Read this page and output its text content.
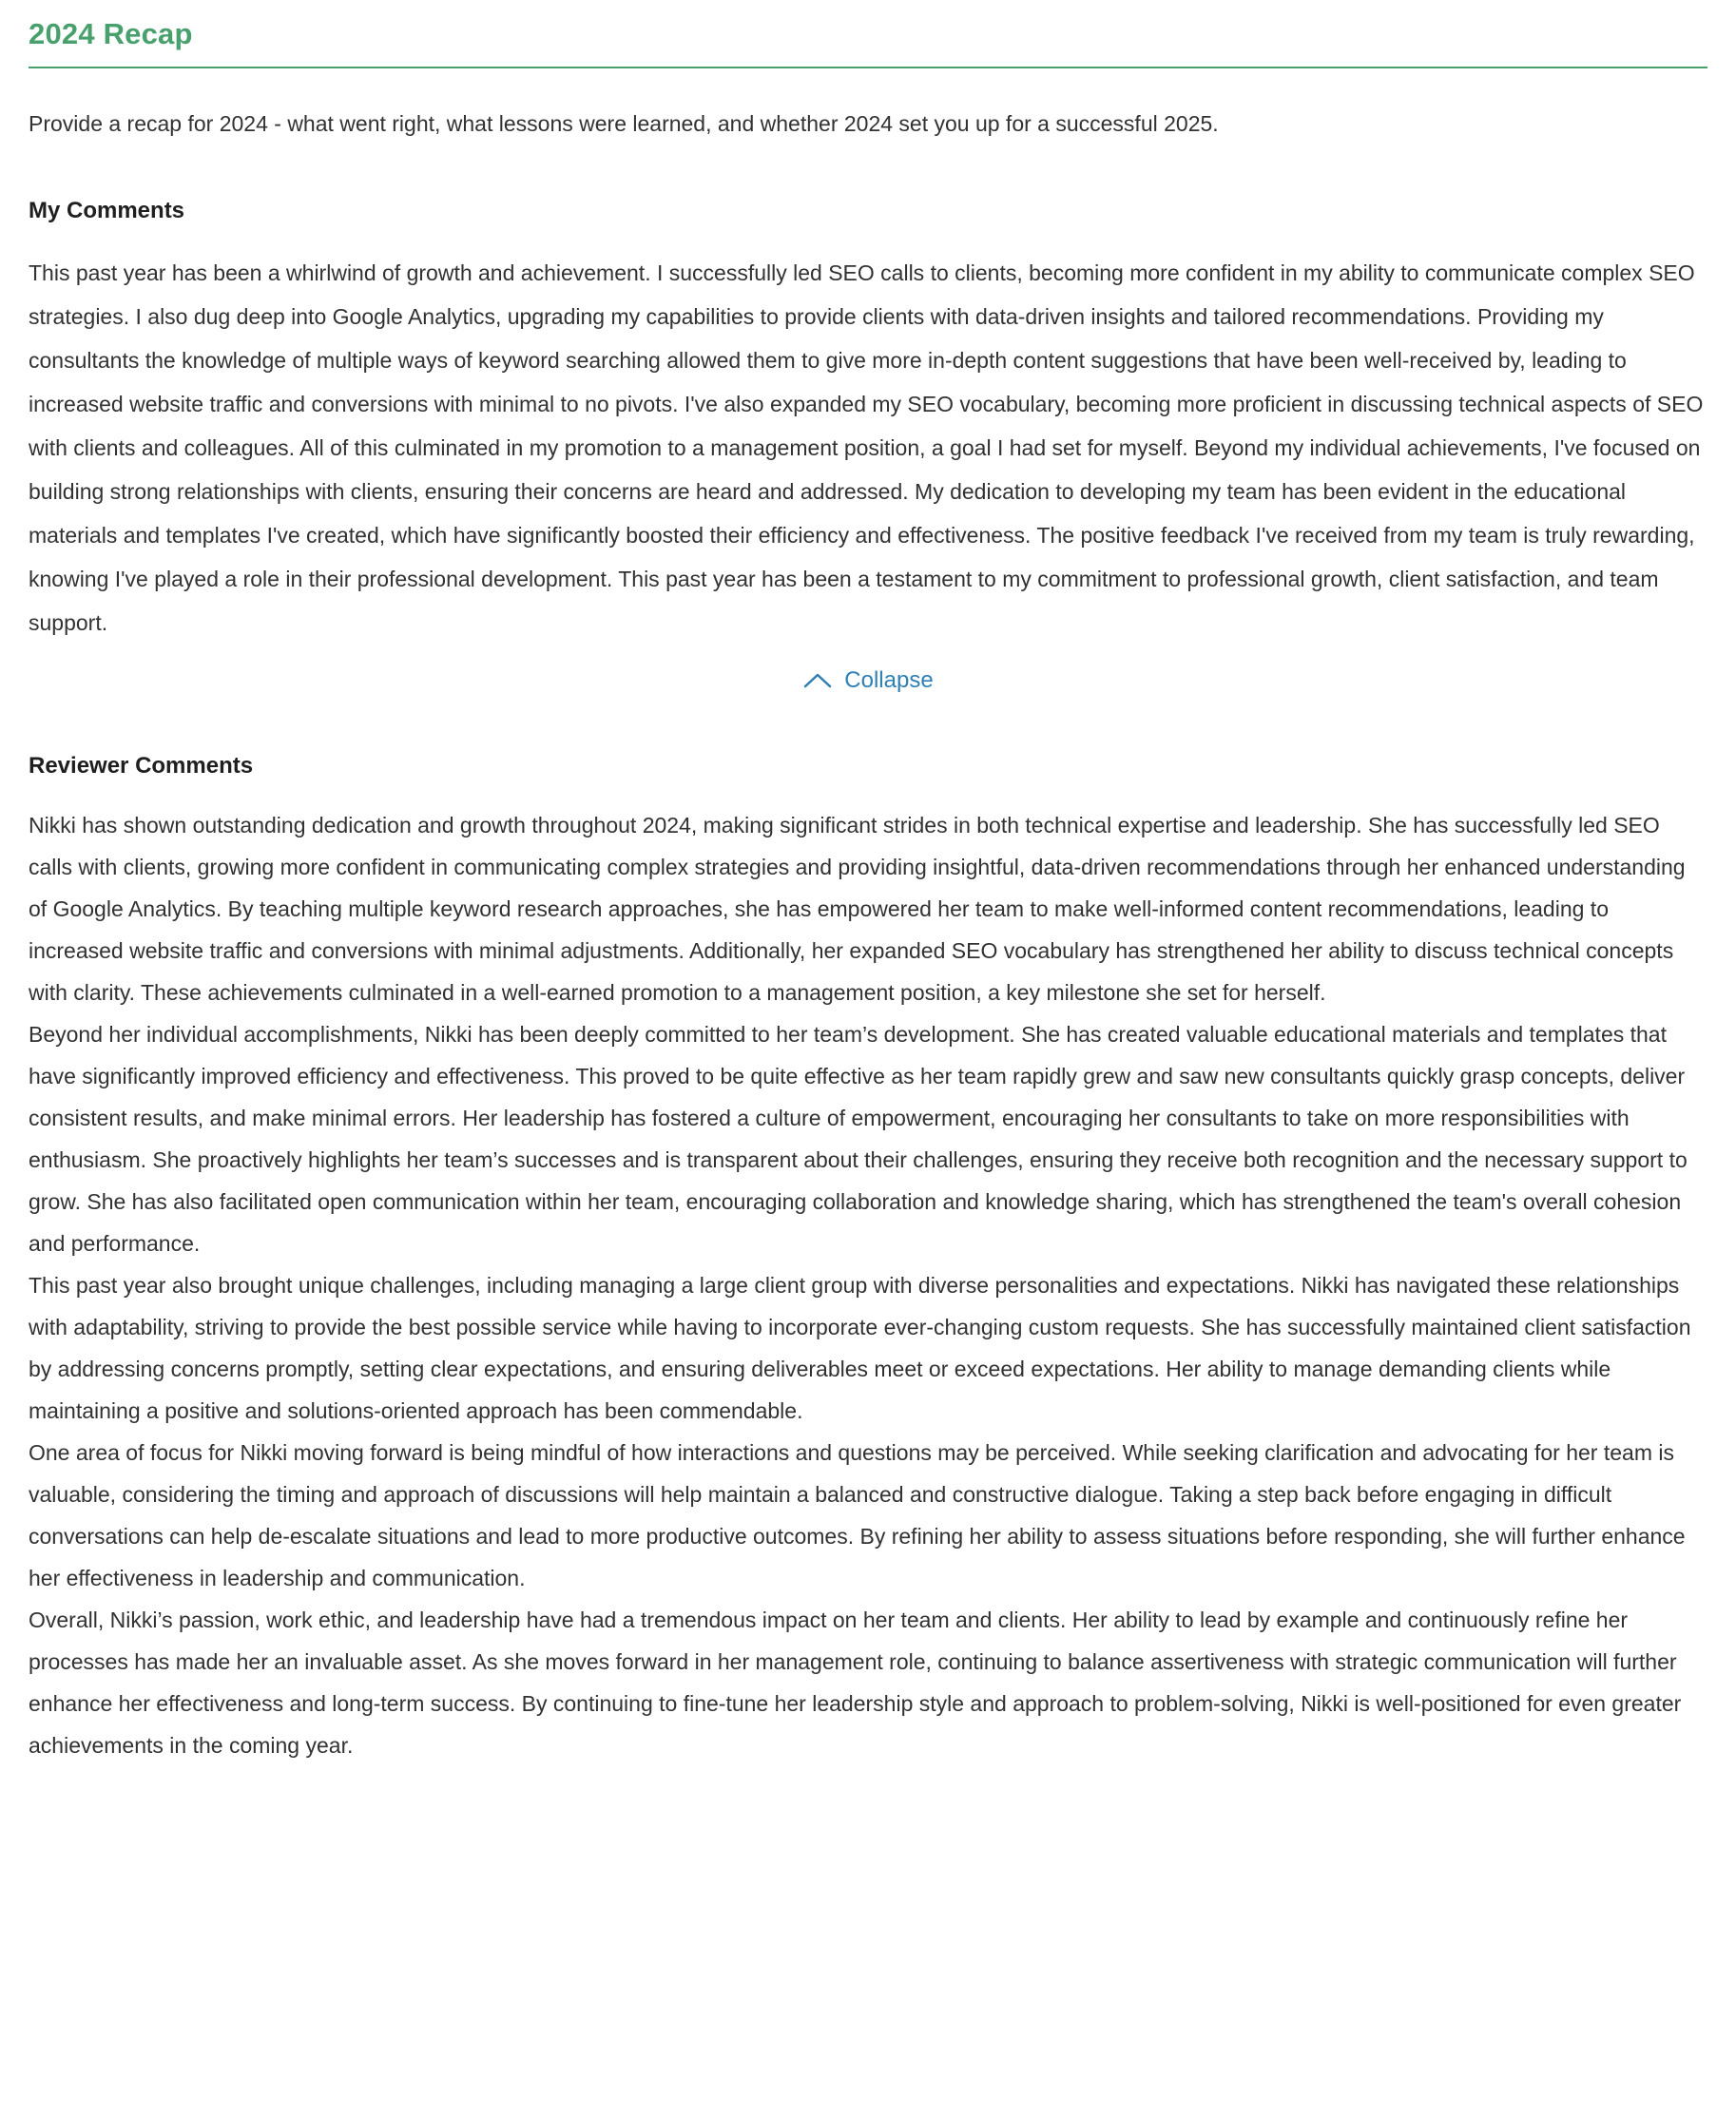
2024 Recap

Provide a recap for 2024 - what went right, what lessons were learned, and whether 2024 set you up for a successful 2025.

My Comments

This past year has been a whirlwind of growth and achievement. I successfully led SEO calls to clients, becoming more confident in my ability to communicate complex SEO strategies. I also dug deep into Google Analytics, upgrading my capabilities to provide clients with data-driven insights and tailored recommendations. Providing my consultants the knowledge of multiple ways of keyword searching allowed them to give more in-depth content suggestions that have been well-received by, leading to increased website traffic and conversions with minimal to no pivots. I've also expanded my SEO vocabulary, becoming more proficient in discussing technical aspects of SEO with clients and colleagues. All of this culminated in my promotion to a management position, a goal I had set for myself. Beyond my individual achievements, I've focused on building strong relationships with clients, ensuring their concerns are heard and addressed. My dedication to developing my team has been evident in the educational materials and templates I've created, which have significantly boosted their efficiency and effectiveness. The positive feedback I've received from my team is truly rewarding, knowing I've played a role in their professional development. This past year has been a testament to my commitment to professional growth, client satisfaction, and team support.

Collapse
Reviewer Comments

Nikki has shown outstanding dedication and growth throughout 2024, making significant strides in both technical expertise and leadership. She has successfully led SEO calls with clients, growing more confident in communicating complex strategies and providing insightful, data-driven recommendations through her enhanced understanding of Google Analytics. By teaching multiple keyword research approaches, she has empowered her team to make well-informed content recommendations, leading to increased website traffic and conversions with minimal adjustments. Additionally, her expanded SEO vocabulary has strengthened her ability to discuss technical concepts with clarity. These achievements culminated in a well-earned promotion to a management position, a key milestone she set for herself.

Beyond her individual accomplishments, Nikki has been deeply committed to her team’s development. She has created valuable educational materials and templates that have significantly improved efficiency and effectiveness. This proved to be quite effective as her team rapidly grew and saw new consultants quickly grasp concepts, deliver consistent results, and make minimal errors. Her leadership has fostered a culture of empowerment, encouraging her consultants to take on more responsibilities with enthusiasm. She proactively highlights her team’s successes and is transparent about their challenges, ensuring they receive both recognition and the necessary support to grow. She has also facilitated open communication within her team, encouraging collaboration and knowledge sharing, which has strengthened the team's overall cohesion and performance.

This past year also brought unique challenges, including managing a large client group with diverse personalities and expectations. Nikki has navigated these relationships with adaptability, striving to provide the best possible service while having to incorporate ever-changing custom requests. She has successfully maintained client satisfaction by addressing concerns promptly, setting clear expectations, and ensuring deliverables meet or exceed expectations. Her ability to manage demanding clients while maintaining a positive and solutions-oriented approach has been commendable.

One area of focus for Nikki moving forward is being mindful of how interactions and questions may be perceived. While seeking clarification and advocating for her team is valuable, considering the timing and approach of discussions will help maintain a balanced and constructive dialogue. Taking a step back before engaging in difficult conversations can help de-escalate situations and lead to more productive outcomes. By refining her ability to assess situations before responding, she will further enhance her effectiveness in leadership and communication.

Overall, Nikki’s passion, work ethic, and leadership have had a tremendous impact on her team and clients. Her ability to lead by example and continuously refine her processes has made her an invaluable asset. As she moves forward in her management role, continuing to balance assertiveness with strategic communication will further enhance her effectiveness and long-term success. By continuing to fine-tune her leadership style and approach to problem-solving, Nikki is well-positioned for even greater achievements in the coming year.
